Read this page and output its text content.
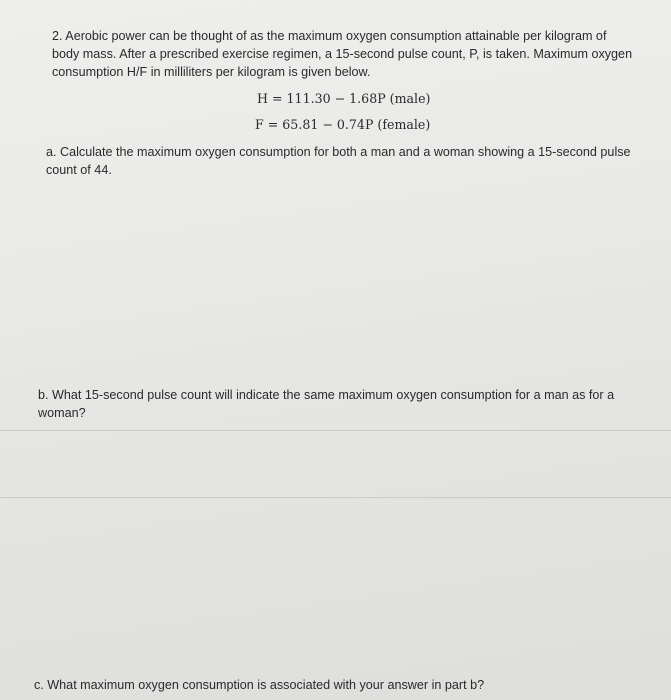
2. Aerobic power can be thought of as the maximum oxygen consumption attainable per kilogram of
body mass. After a prescribed exercise regimen, a 15-second pulse count, P, is taken. Maximum oxygen
consumption H/F in milliliters per kilogram is given below.
H = 111.30 − 1.68P (male)
F = 65.81 − 0.74P (female)
a. Calculate the maximum oxygen consumption for both a man and a woman showing a 15-second pulse
count of 44.
b. What 15-second pulse count will indicate the same maximum oxygen consumption for a man as for a
woman?
c. What maximum oxygen consumption is associated with your answer in part b?
